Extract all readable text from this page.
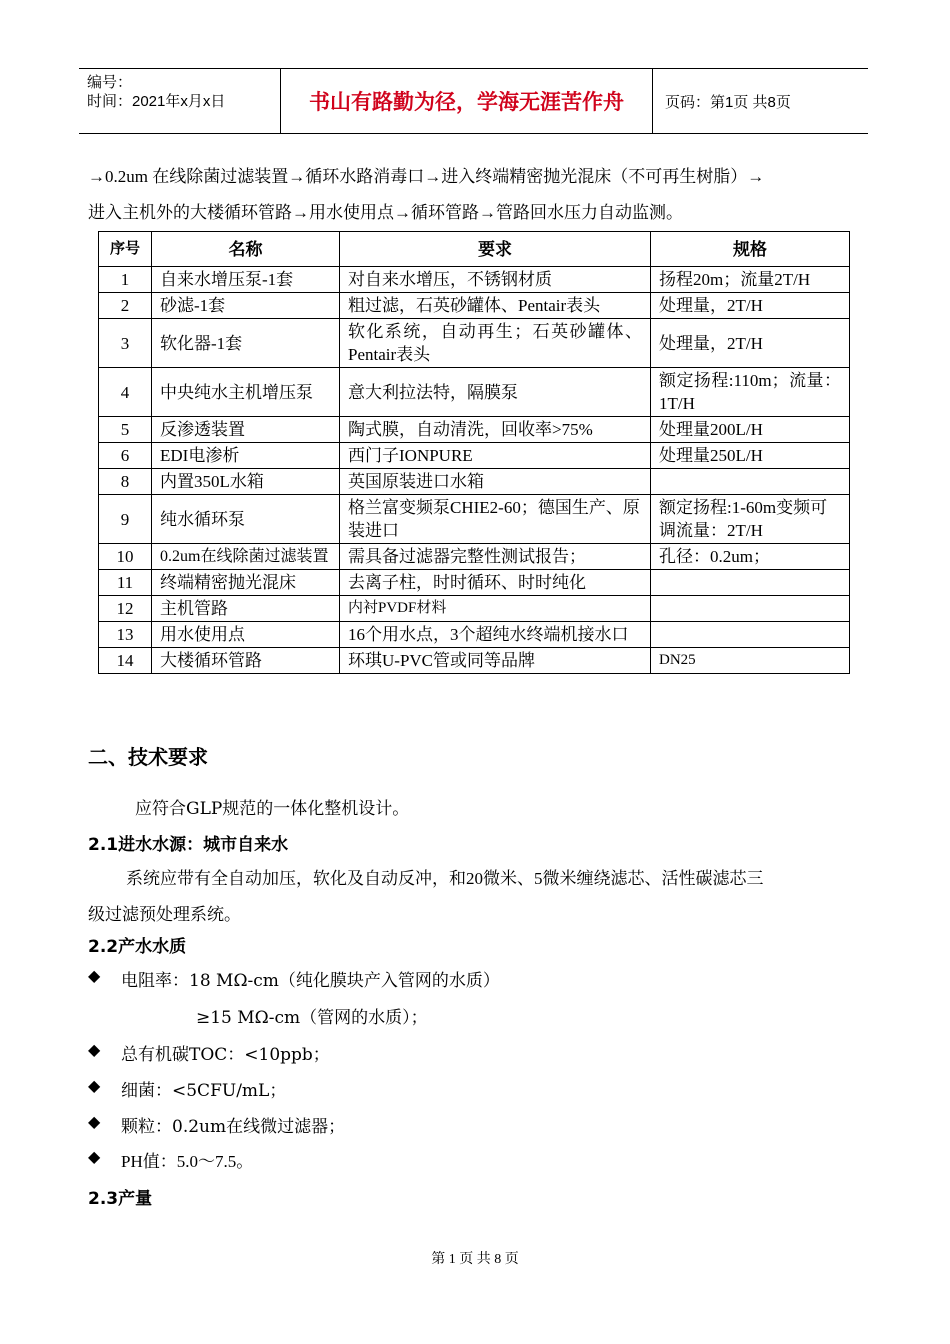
编号：
时间：2021年x月x日	书山有路勤为径，学海无涯苦作舟	页码：第1页 共8页
→0.2um 在线除菌过滤装置→循环水路消毒口→进入终端精密抛光混床（不可再生树脂）→
进入主机外的大楼循环管路→用水使用点→循环管路→管路回水压力自动监测。
序号	名称	要求	规格
1	自来水增压泵-1套	对自来水增压，不锈钢材质	扬程20m；流量2T/H
2	砂滤-1套	粗过滤，石英砂罐体、Pentair表头	处理量，2T/H
3	软化器-1套	软化系统，自动再生；石英砂罐体、Pentair表头	处理量，2T/H
4	中央纯水主机增压泵	意大利拉法特，隔膜泵	额定扬程:110m；流量：1T/H
5	反渗透装置	陶式膜，自动清洗，回收率>75%	处理量200L/H
6	EDI电渗析	西门子IONPURE	处理量250L/H
8	内置350L水箱	英国原装进口水箱	
9	纯水循环泵	格兰富变频泵CHIE2-60；德国生产、原装进口	额定扬程:1-60m变频可调流量：2T/H
10	0.2um在线除菌过滤装置	需具备过滤器完整性测试报告；	孔径：0.2um；
11	终端精密抛光混床	去离子柱，时时循环、时时纯化	
12	主机管路	内衬PVDF材料	
13	用水使用点	16个用水点，3个超纯水终端机接水口	
14	大楼循环管路	环琪U-PVC管或同等品牌	DN25
二、技术要求
应符合GLP规范的一体化整机设计。
2.1进水水源：城市自来水
系统应带有全自动加压，软化及自动反冲，和20微米、5微米缠绕滤芯、活性碳滤芯三
级过滤预处理系统。
2.2产水水质
◆	电阻率：18 MΩ-cm（纯化膜块产入管网的水质）
≥15 MΩ-cm（管网的水质）；
◆	总有机碳TOC：<10ppb；
◆	细菌：<5CFU/mL；
◆	颗粒：0.2um在线微过滤器；
◆	PH值：5.0～7.5。
2.3产量
第 1 页 共 8 页
